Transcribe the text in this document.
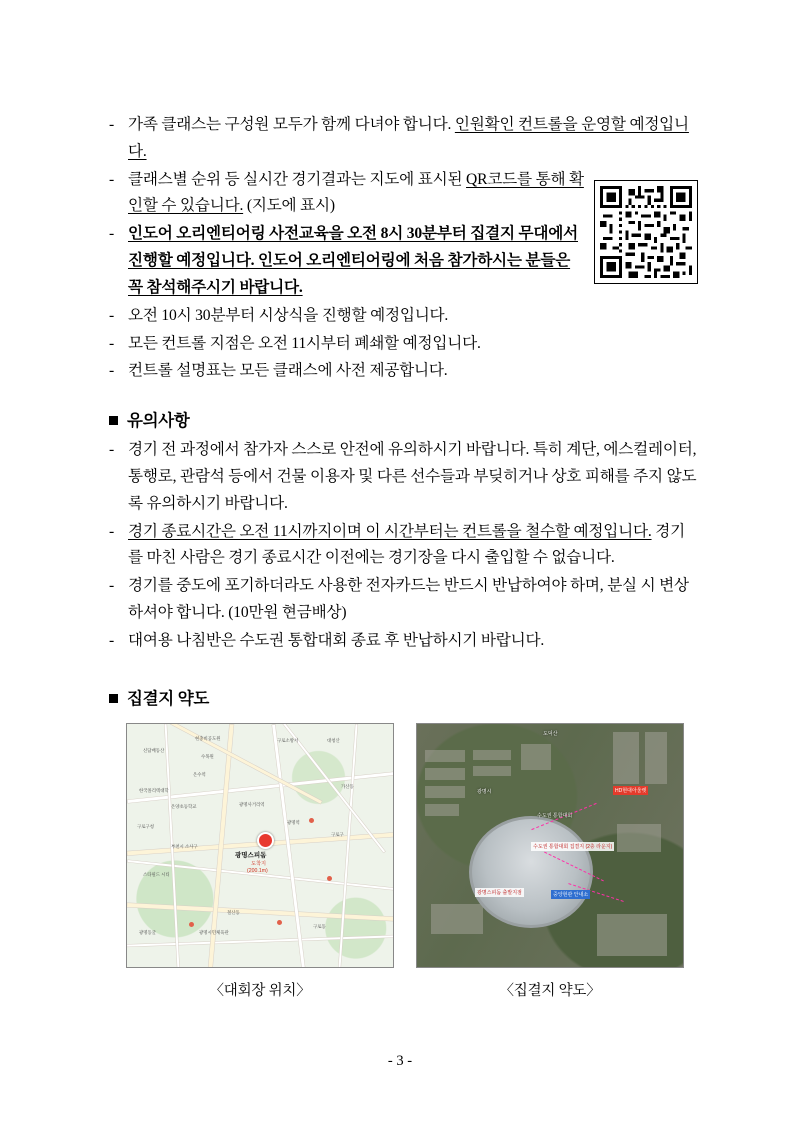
- 가족 클래스는 구성원 모두가 함께 다녀야 합니다. 인원확인 컨트롤을 운영할 예정입니다.
- 클래스별 순위 등 실시간 경기결과는 지도에 표시된 QR코드를 통해 확인할 수 있습니다. (지도에 표시)
- 인도어 오리엔티어링 사전교육을 오전 8시 30분부터 집결지 무대에서 진행할 예정입니다. 인도어 오리엔티어링에 처음 참가하시는 분들은 꼭 참석해주시기 바랍니다.
- 오전 10시 30분부터 시상식을 진행할 예정입니다.
- 모든 컨트롤 지점은 오전 11시부터 폐쇄할 예정입니다.
- 컨트롤 설명표는 모든 클래스에 사전 제공합니다.
유의사항
- 경기 전 과정에서 참가자 스스로 안전에 유의하시기 바랍니다. 특히 계단, 에스컬레이터, 통행로, 관람석 등에서 건물 이용자 및 다른 선수들과 부딪히거나 상호 피해를 주지 않도록 유의하시기 바랍니다.
- 경기 종료시간은 오전 11시까지이며 이 시간부터는 컨트롤을 철수할 예정입니다. 경기를 마친 사람은 경기 종료시간 이전에는 경기장을 다시 출입할 수 없습니다.
- 경기를 중도에 포기하더라도 사용한 전자카드는 반드시 반납하여야 하며, 분실 시 변상하셔야 합니다. (10만원 현금배상)
- 대여용 나침반은 수도권 통합대회 종료 후 반납하시기 바랍니다.
집결지 약도
신답배동산
현충비공도원
수목원
구로소방서	대청산
온수역
구로구청
한국폴리텍대학
온양초등학교	광명사거리역
가산동
부천시 소사구
스타필드 시티
광명역
구로구
광명동굴
철산동
광명시민체육관
구로동
광명스피돔
도착지
(200.1m)
〈대회장 위치〉
도덕산
광명시	HD현대아울렛
수도권 통합대회
수도권 통합대회 집결지 (2층 라운지)
광명스피돔 출발지점	중앙현관 안내소
〈집결지 약도〉
- 3 -
